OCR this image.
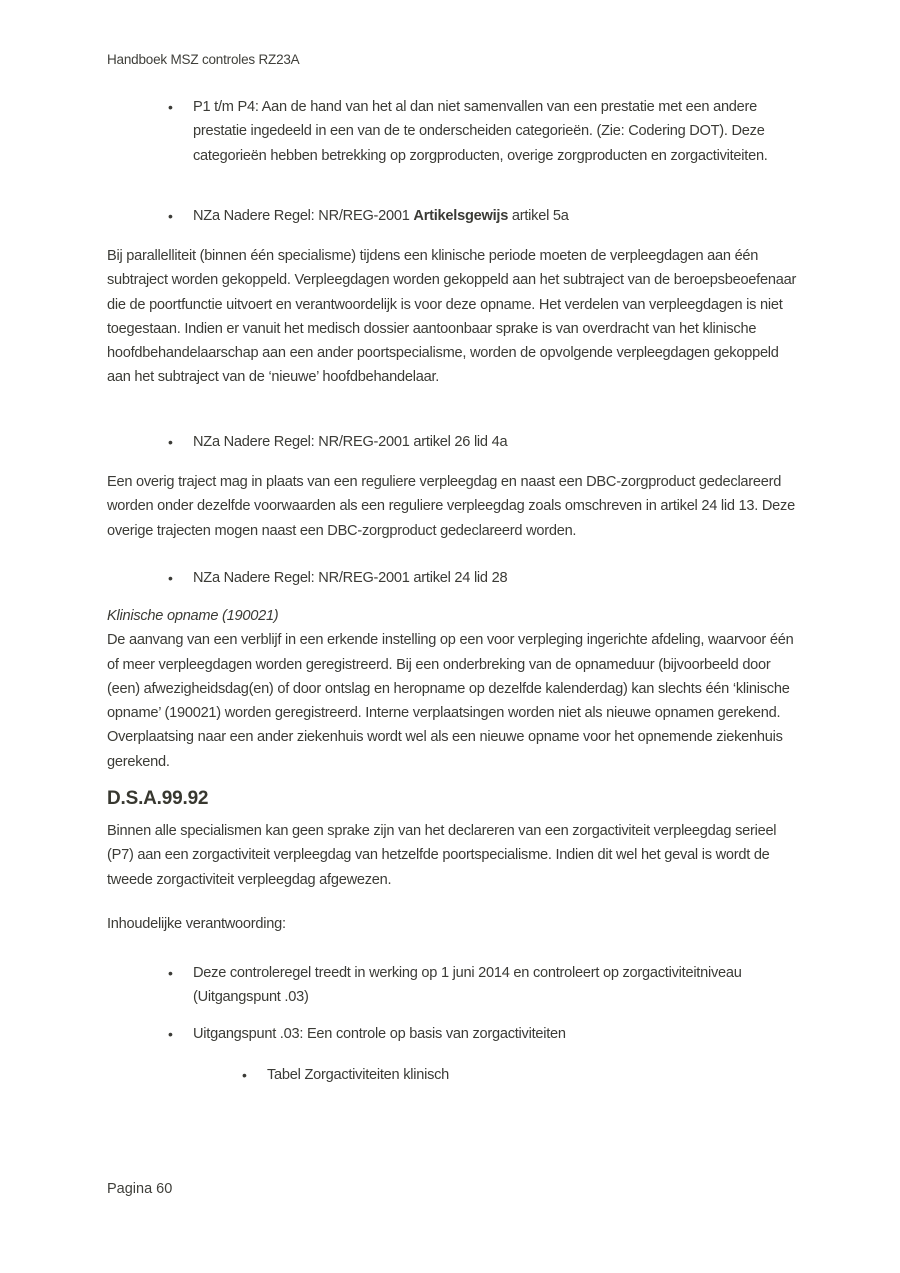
Handboek MSZ controles RZ23A
• P1 t/m P4: Aan de hand van het al dan niet samenvallen van een prestatie met een andere prestatie ingedeeld in een van de te onderscheiden categorieën. (Zie: Codering DOT). Deze categorieën hebben betrekking op zorgproducten, overige zorgproducten en zorgactiviteiten.
• NZa Nadere Regel: NR/REG-2001 Artikelsgewijs artikel 5a

Bij parallelliteit (binnen één specialisme) tijdens een klinische periode moeten de verpleegdagen aan één subtraject worden gekoppeld. Verpleegdagen worden gekoppeld aan het subtraject van de beroepsbeoefenaar die de poortfunctie uitvoert en verantwoordelijk is voor deze opname. Het verdelen van verpleegdagen is niet toegestaan. Indien er vanuit het medisch dossier aantoonbaar sprake is van overdracht van het klinische hoofdbehandelaarschap aan een ander poortspecialisme, worden de opvolgende verpleegdagen gekoppeld aan het subtraject van de ‘nieuwe’ hoofdbehandelaar.

• NZa Nadere Regel: NR/REG-2001 artikel 26 lid 4a

Een overig traject mag in plaats van een reguliere verpleegdag en naast een DBC-zorgproduct gedeclareerd worden onder dezelfde voorwaarden als een reguliere verpleegdag zoals omschreven in artikel 24 lid 13. Deze overige trajecten mogen naast een DBC-zorgproduct gedeclareerd worden.

• NZa Nadere Regel: NR/REG-2001 artikel 24 lid 28
Klinische opname (190021)
De aanvang van een verblijf in een erkende instelling op een voor verpleging ingerichte afdeling, waarvoor één of meer verpleegdagen worden geregistreerd. Bij een onderbreking van de opnameduur (bijvoorbeeld door (een) afwezigheidsdag(en) of door ontslag en heropname op dezelfde kalenderdag) kan slechts één ‘klinische opname’ (190021) worden geregistreerd. Interne verplaatsingen worden niet als nieuwe opnamen gerekend. Overplaatsing naar een ander ziekenhuis wordt wel als een nieuwe opname voor het opnemende ziekenhuis gerekend.
D.S.A.99.92

Binnen alle specialismen kan geen sprake zijn van het declareren van een zorgactiviteit verpleegdag serieel (P7) aan een zorgactiviteit verpleegdag van hetzelfde poortspecialisme. Indien dit wel het geval is wordt de tweede zorgactiviteit verpleegdag afgewezen.

Inhoudelijke verantwoording:

• Deze controleregel treedt in werking op 1 juni 2014 en controleert op zorgactiviteitniveau (Uitgangspunt .03)
• Uitgangspunt .03: Een controle op basis van zorgactiviteiten
• Tabel Zorgactiviteiten klinisch
Pagina 60
